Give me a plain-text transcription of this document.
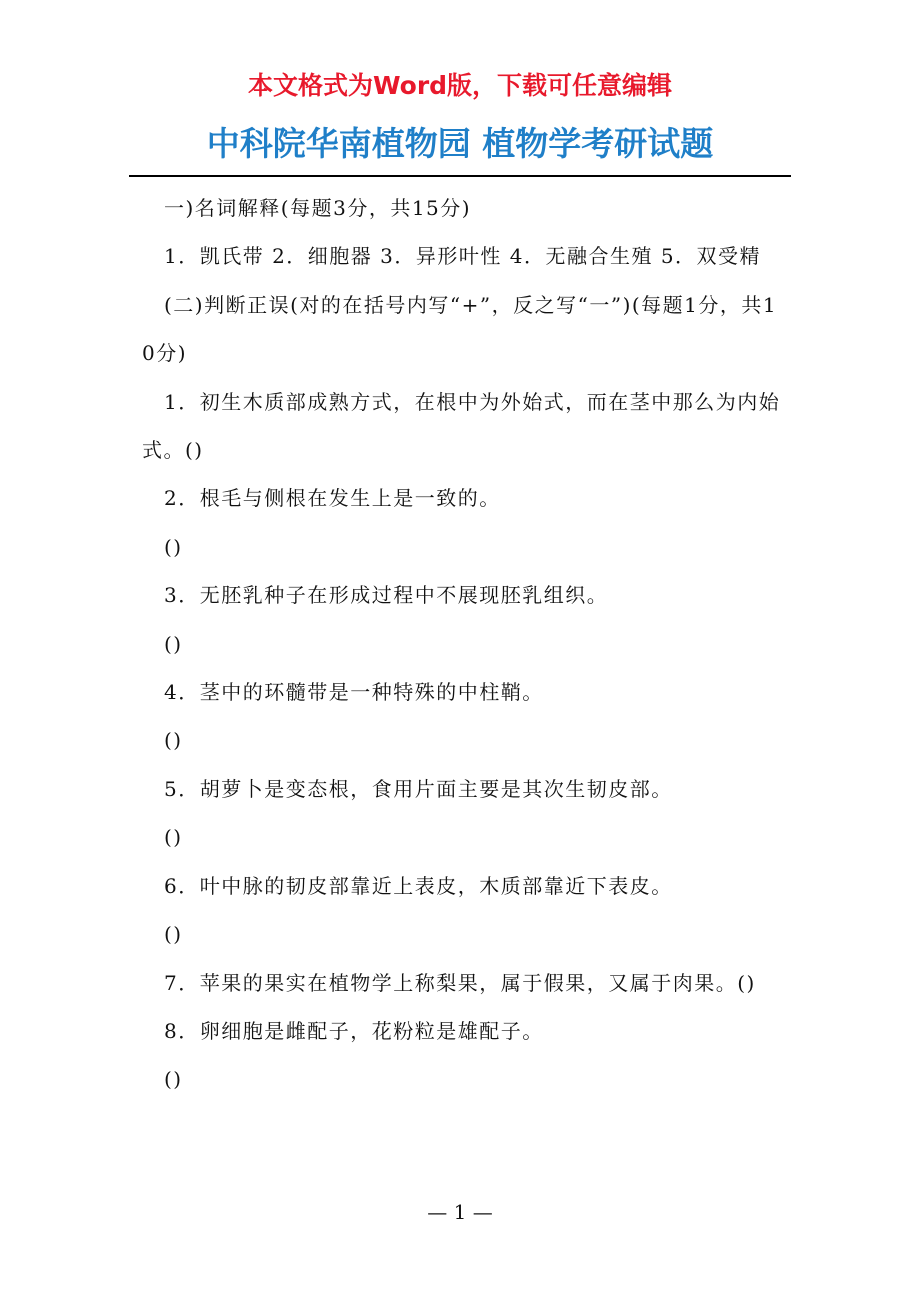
本文格式为Word版，下载可任意编辑
中科院华南植物园 植物学考研试题

一)名词解释(每题3分，共15分)

1．凯氏带 2．细胞器 3．异形叶性 4．无融合生殖 5．双受精

(二)判断正误(对的在括号内写“+”，反之写“一”)(每题1分，共10分)

1．初生木质部成熟方式，在根中为外始式，而在茎中那么为内始式。()

2．根毛与侧根在发生上是一致的。

()

3．无胚乳种子在形成过程中不展现胚乳组织。

()

4．茎中的环髓带是一种特殊的中柱鞘。

()

5．胡萝卜是变态根，食用片面主要是其次生韧皮部。

()

6．叶中脉的韧皮部靠近上表皮，木质部靠近下表皮。

()

7．苹果的果实在植物学上称梨果，属于假果，又属于肉果。()

8．卵细胞是雌配子，花粉粒是雄配子。

()

— 1 —
